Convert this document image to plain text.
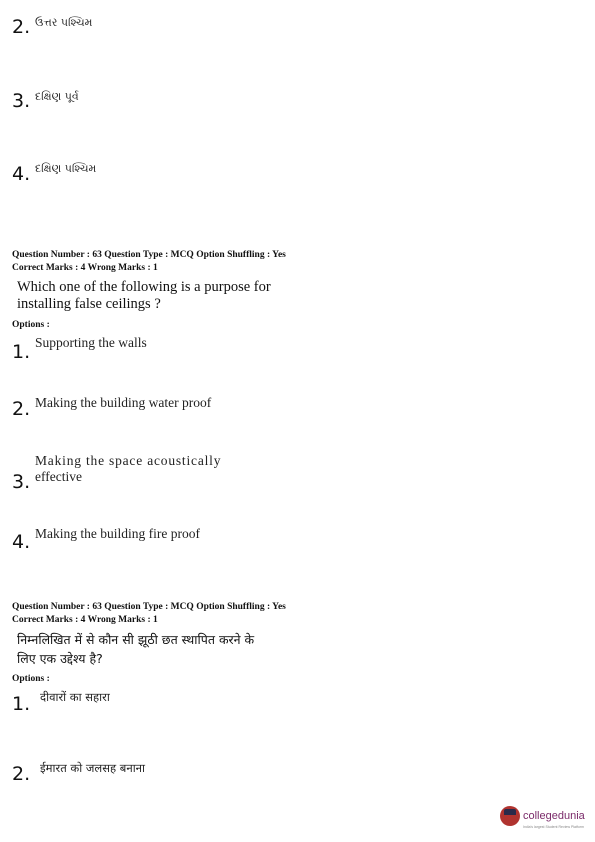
2. ઉત્તર પશ્ચિમ
3. દક્ષિણ પૂર્વ
4. દક્ષિણ પશ્ચિમ
Question Number : 63 Question Type : MCQ Option Shuffling : Yes
Correct Marks : 4 Wrong Marks : 1
Which one of the following is a purpose for
installing false ceilings ?
Options :
1. Supporting the walls
2. Making the building water proof
3.
Making the space acoustically
effective
4. Making the building fire proof
Question Number : 63 Question Type : MCQ Option Shuffling : Yes
Correct Marks : 4 Wrong Marks : 1
निम्नलिखित में से कौन सी झूठी छत स्थापित करने के
लिए एक उद्देश्य है?
Options :
1. दीवारों का सहारा
2. ईमारत को जलसह बनाना
collegedunia
India's largest Student Review Platform
